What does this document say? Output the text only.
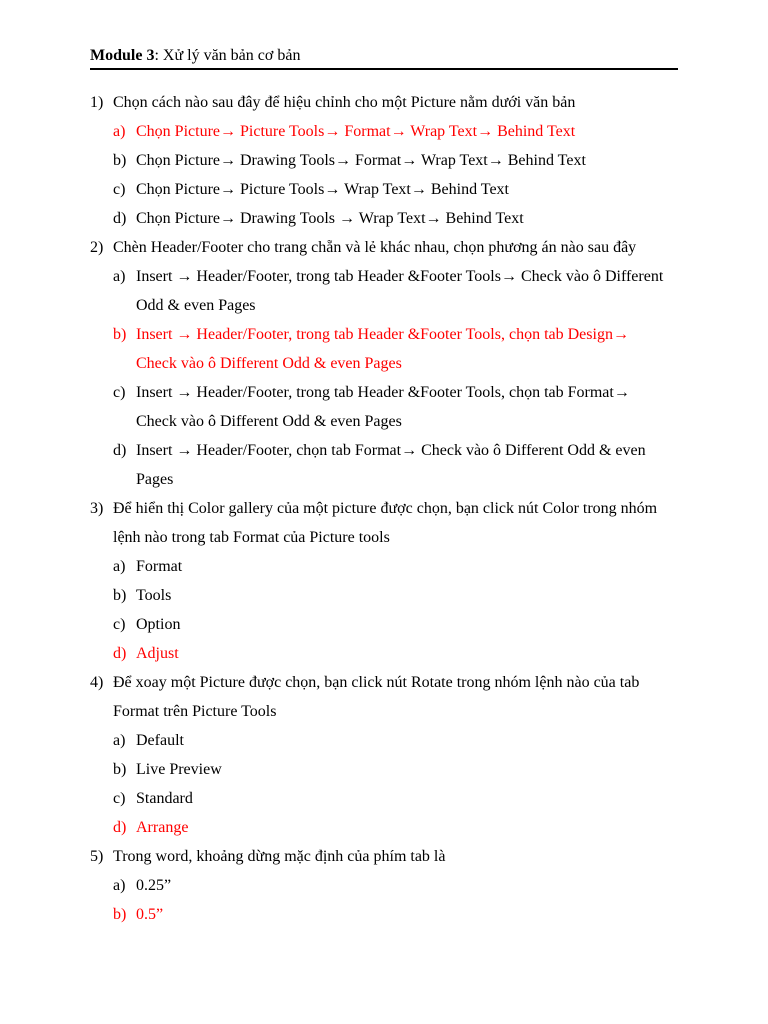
Module 3: Xử lý văn bản cơ bản
1) Chọn cách nào sau đây để hiệu chỉnh cho một Picture nằm dưới văn bản
a) Chọn Picture→ Picture Tools→ Format→ Wrap Text→ Behind Text
b) Chọn Picture→ Drawing Tools→ Format→ Wrap Text→ Behind Text
c) Chọn Picture→ Picture Tools→ Wrap Text→ Behind Text
d) Chọn Picture→ Drawing Tools → Wrap Text→ Behind Text
2) Chèn Header/Footer cho trang chẵn và lẻ khác nhau, chọn phương án nào sau đây
a) Insert → Header/Footer, trong tab Header &Footer Tools→ Check vào ô Different
Odd & even Pages
b) Insert → Header/Footer, trong tab Header &Footer Tools, chọn tab Design→
Check vào ô Different Odd & even Pages
c) Insert → Header/Footer, trong tab Header &Footer Tools, chọn tab Format→
Check vào ô Different Odd & even Pages
d) Insert → Header/Footer, chọn tab Format→ Check vào ô Different Odd & even
Pages
3) Để hiển thị Color gallery của một picture được chọn, bạn click nút Color trong nhóm
lệnh nào trong tab Format của Picture tools
a) Format
b) Tools
c) Option
d) Adjust
4) Để xoay một Picture được chọn, bạn click nút Rotate trong nhóm lệnh nào của tab
Format trên Picture Tools
a) Default
b) Live Preview
c) Standard
d) Arrange
5) Trong word, khoảng dừng mặc định của phím tab là
a) 0.25”
b) 0.5”
